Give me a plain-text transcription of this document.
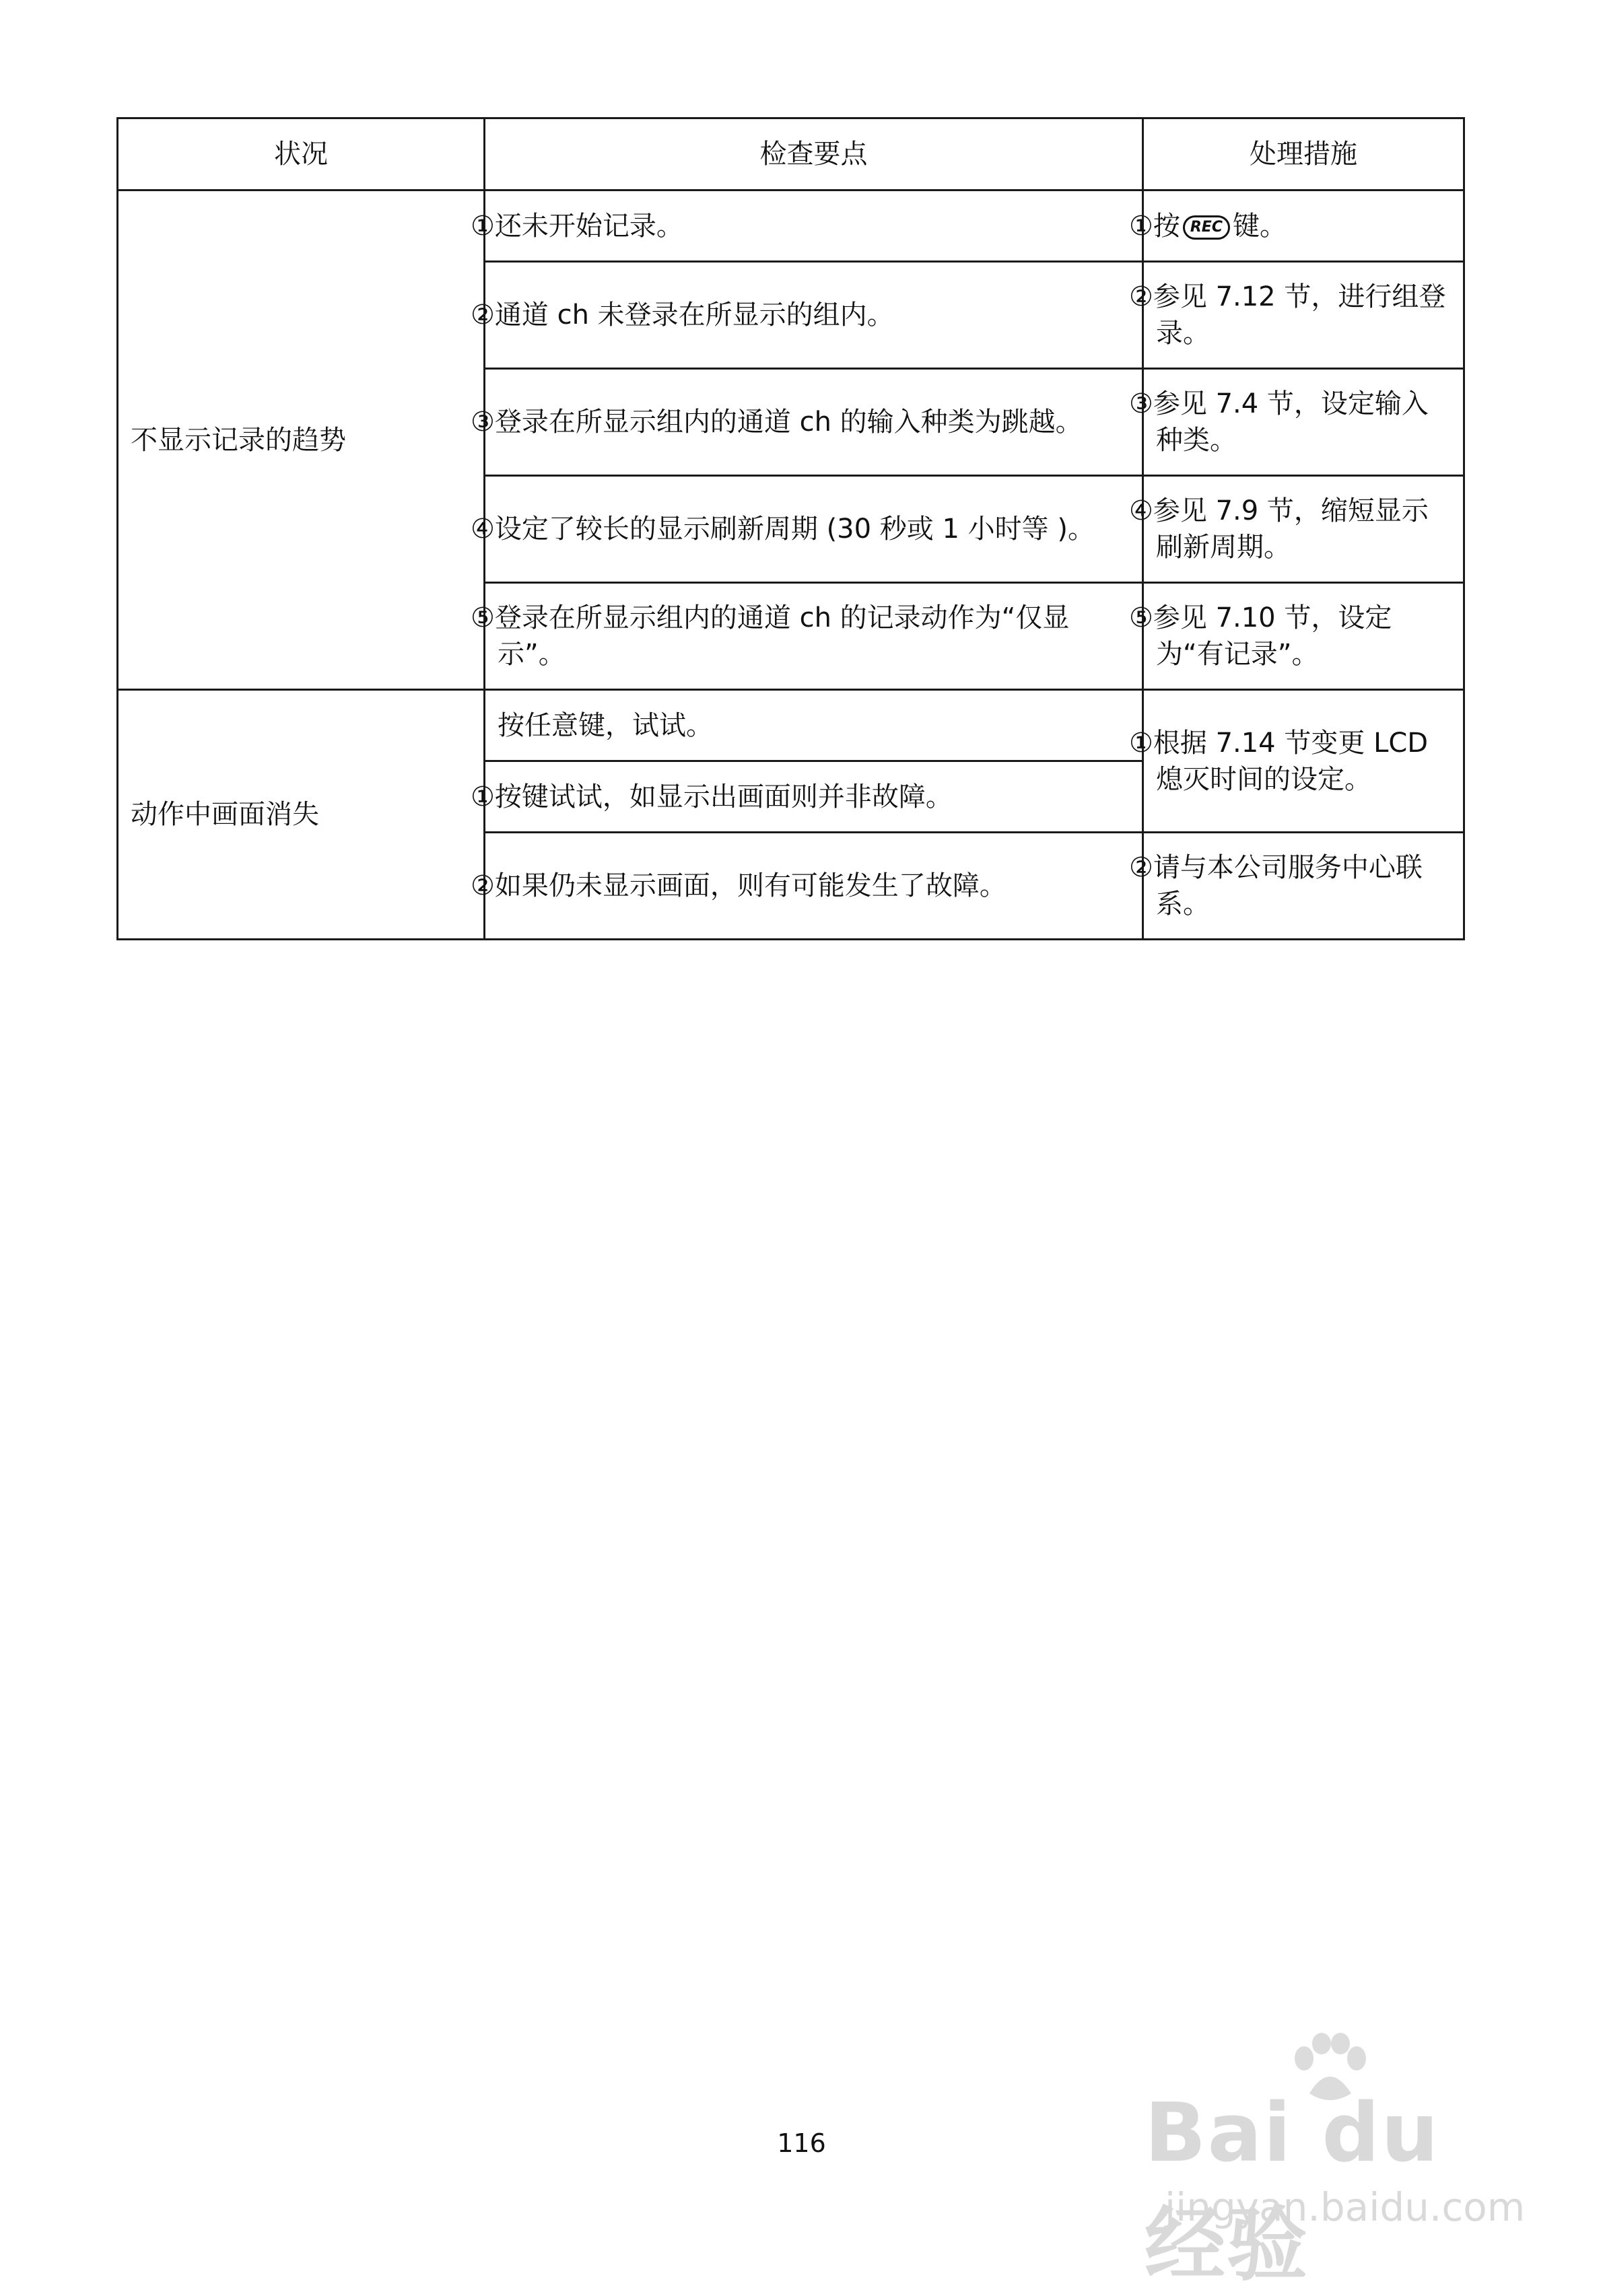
状况	检查要点	处理措施
不显示记录的趋势	①还未开始记录。	①按 REC 键。
	②通道 ch 未登录在所显示的组内。	②参见 7.12 节，进行组登录。
	③登录在所显示组内的通道 ch 的输入种类为跳越。	③参见 7.4 节，设定输入种类。
	④设定了较长的显示刷新周期 (30 秒或 1 小时等 )。	④参见 7.9 节，缩短显示刷新周期。
	⑤登录在所显示组内的通道 ch 的记录动作为“仅显示”。	⑤参见 7.10 节，设定为“有记录”。
动作中画面消失	按任意键，试试。	①根据 7.14 节变更 LCD 熄灭时间的设定。
	①按键试试，如显示出画面则并非故障。	
	②如果仍未显示画面，则有可能发生了故障。	②请与本公司服务中心联系。
116	Bai du 经验
jingyan.baidu.com
